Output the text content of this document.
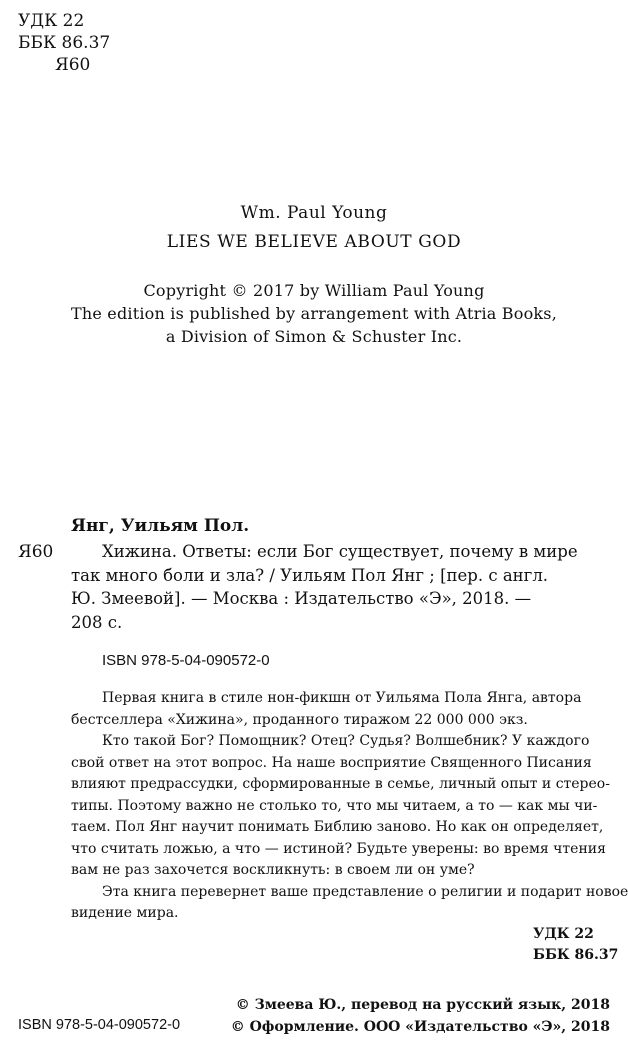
УДК 22
ББК 86.37
Я60
Wm. Paul Young
LIES WE BELIEVE ABOUT GOD
Copyright © 2017 by William Paul Young
The edition is published by arrangement with Atria Books,
a Division of Simon & Schuster Inc.
Янг, Уильям Пол.
Я60	Хижина. Ответы: если Бог существует, почему в мире
так много боли и зла? / Уильям Пол Янг ; [пер. с англ.
Ю. Змеевой]. — Москва : Издательство «Э», 2018. —
208 с.
ISBN 978-5-04-090572-0
Первая книга в стиле нон-фикшн от Уильяма Пола Янга, автора
бестселлера «Хижина», проданного тиражом 22 000 000 экз.
Кто такой Бог? Помощник? Отец? Судья? Волшебник? У каждого
свой ответ на этот вопрос. На наше восприятие Священного Писания
влияют предрассудки, сформированные в семье, личный опыт и стерео-
типы. Поэтому важно не столько то, что мы читаем, а то — как мы чи-
таем. Пол Янг научит понимать Библию заново. Но как он определяет,
что считать ложью, а что — истиной? Будьте уверены: во время чтения
вам не раз захочется воскликнуть: в своем ли он уме?
Эта книга перевернет ваше представление о религии и подарит новое
видение мира.
УДК 22
ББК 86.37
ISBN 978-5-04-090572-0
© Змеева Ю., перевод на русский язык, 2018
© Оформление. ООО «Издательство «Э», 2018
